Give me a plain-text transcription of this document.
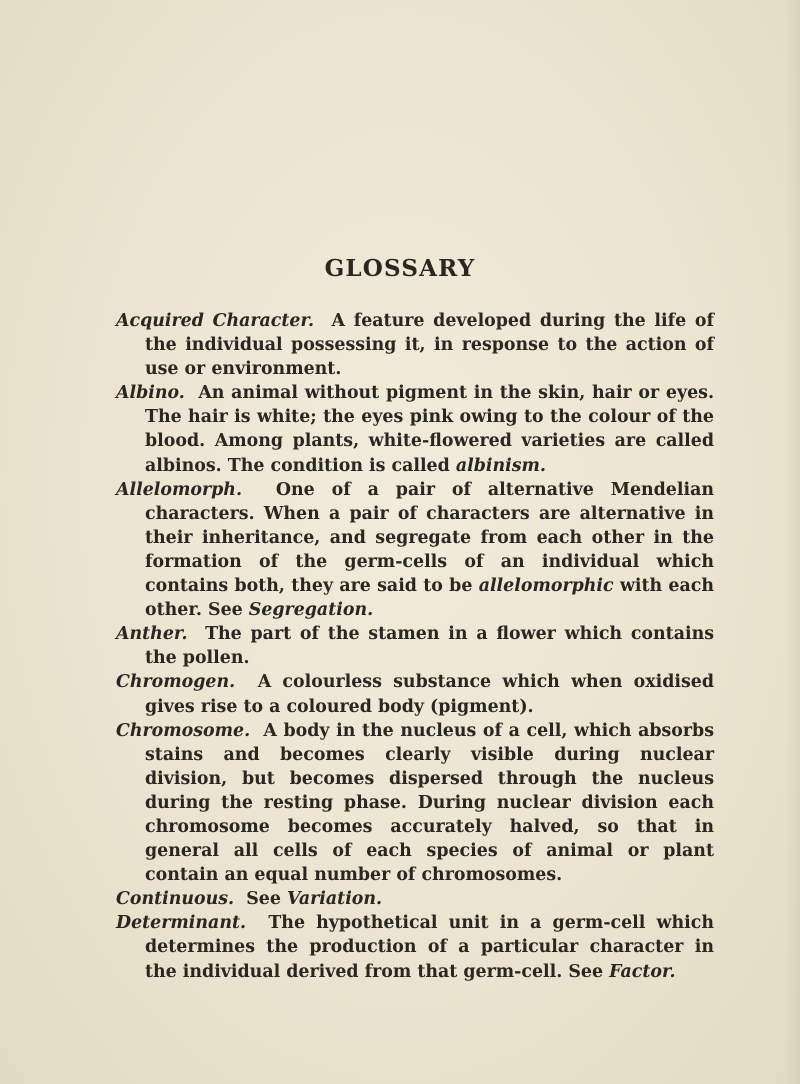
GLOSSARY

Acquired Character. A feature developed during the life of the individual possessing it, in response to the action of use or environment.

Albino. An animal without pigment in the skin, hair or eyes. The hair is white; the eyes pink owing to the colour of the blood. Among plants, white-flowered varieties are called albinos. The condition is called albinism.

Allelomorph. One of a pair of alternative Mendelian characters. When a pair of characters are alternative in their inheritance, and segregate from each other in the formation of the germ-cells of an individual which contains both, they are said to be allelomorphic with each other. See Segregation.

Anther. The part of the stamen in a flower which contains the pollen.

Chromogen. A colourless substance which when oxidised gives rise to a coloured body (pigment).

Chromosome. A body in the nucleus of a cell, which absorbs stains and becomes clearly visible during nuclear division, but becomes dispersed through the nucleus during the resting phase. During nuclear division each chromosome becomes accurately halved, so that in general all cells of each species of animal or plant contain an equal number of chromosomes.

Continuous. See Variation.

Determinant. The hypothetical unit in a germ-cell which determines the production of a particular character in the individual derived from that germ-cell. See Factor.
